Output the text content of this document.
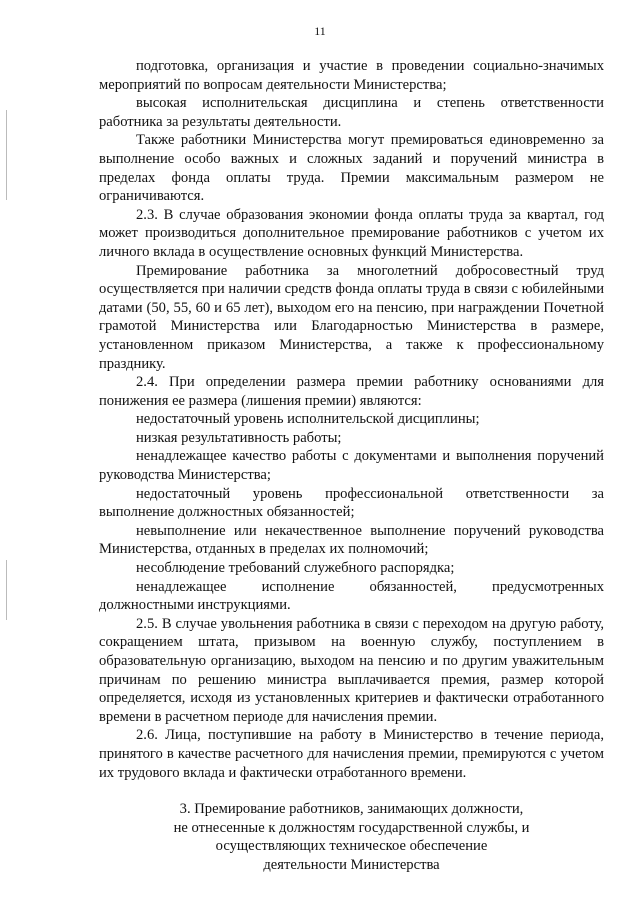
11

подготовка, организация и участие в проведении социально-значимых мероприятий по вопросам деятельности Министерства;

высокая исполнительская дисциплина и степень ответственности работника за результаты деятельности.

Также работники Министерства могут премироваться единовременно за выполнение особо важных и сложных заданий и поручений министра в пределах фонда оплаты труда. Премии максимальным размером не ограничиваются.

2.3. В случае образования экономии фонда оплаты труда за квартал, год может производиться дополнительное премирование работников с учетом их личного вклада в осуществление основных функций Министерства.

Премирование работника за многолетний добросовестный труд осуществляется при наличии средств фонда оплаты труда в связи с юбилейными датами (50, 55, 60 и 65 лет), выходом его на пенсию, при награждении Почетной грамотой Министерства или Благодарностью Министерства в размере, установленном приказом Министерства, а также к профессиональному празднику.

2.4. При определении размера премии работнику основаниями для понижения ее размера (лишения премии) являются:

недостаточный уровень исполнительской дисциплины;

низкая результативность работы;

ненадлежащее качество работы с документами и выполнения поручений руководства Министерства;

недостаточный уровень профессиональной ответственности за выполнение должностных обязанностей;

невыполнение или некачественное выполнение поручений руководства Министерства, отданных в пределах их полномочий;

несоблюдение требований служебного распорядка;

ненадлежащее исполнение обязанностей, предусмотренных должностными инструкциями.

2.5. В случае увольнения работника в связи с переходом на другую работу, сокращением штата, призывом на военную службу, поступлением в образовательную организацию, выходом на пенсию и по другим уважительным причинам по решению министра выплачивается премия, размер которой определяется, исходя из установленных критериев и фактически отработанного времени в расчетном периоде для начисления премии.

2.6. Лица, поступившие на работу в Министерство в течение периода, принятого в качестве расчетного для начисления премии, премируются с учетом их трудового вклада и фактически отработанного времени.

3. Премирование работников, занимающих должности,
не отнесенные к должностям государственной службы, и
осуществляющих техническое обеспечение
деятельности Министерства
